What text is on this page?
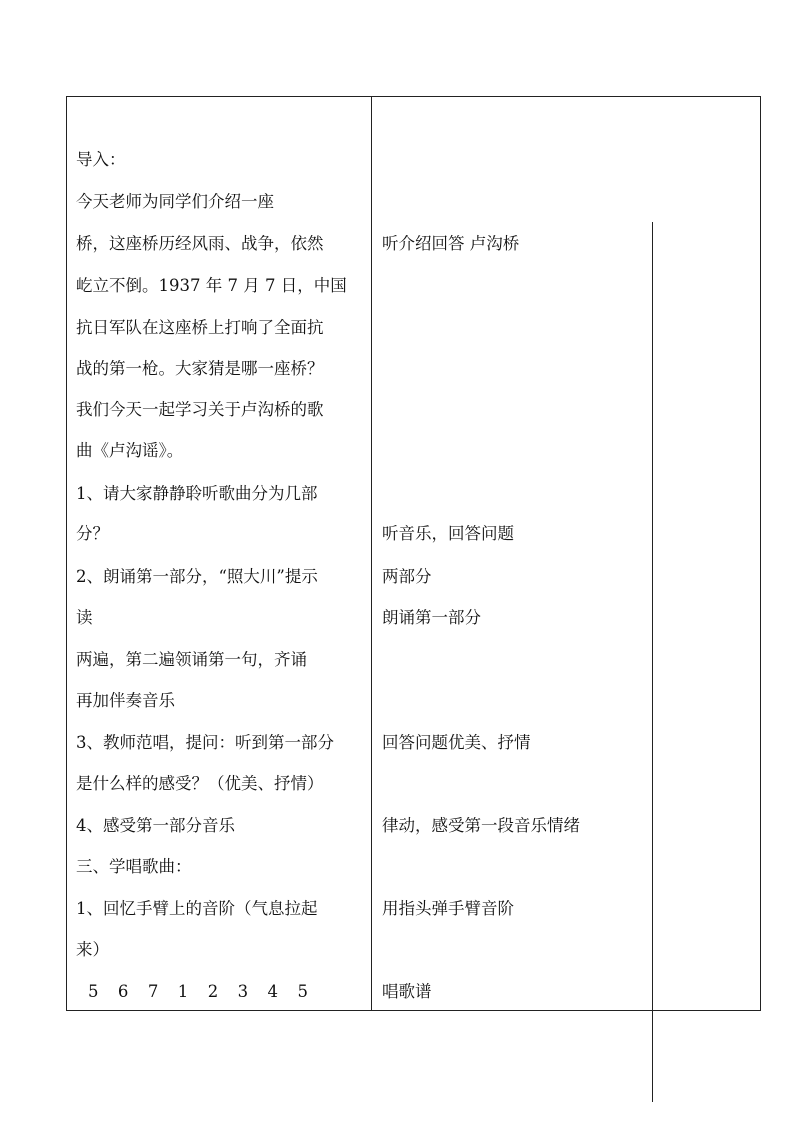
导入：
今天老师为同学们介绍一座
桥，这座桥历经风雨、战争，依然
屹立不倒。1937 年 7 月 7 日，中国
抗日军队在这座桥上打响了全面抗
战的第一枪。大家猜是哪一座桥？
我们今天一起学习关于卢沟桥的歌
曲《卢沟谣》。
1、请大家静静聆听歌曲分为几部
分？
2、朗诵第一部分，“照大川”提示
读
两遍，第二遍领诵第一句，齐诵
再加伴奏音乐
3、教师范唱，提问：听到第一部分
是什么样的感受？（优美、抒情）
4、感受第一部分音乐
三、学唱歌曲：
1、回忆手臂上的音阶（气息拉起
来）
5 6 7 1 2 3 4 5
听介绍回答 卢沟桥
听音乐，回答问题
两部分
朗诵第一部分
回答问题优美、抒情
律动，感受第一段音乐情绪
用指头弹手臂音阶
唱歌谱
